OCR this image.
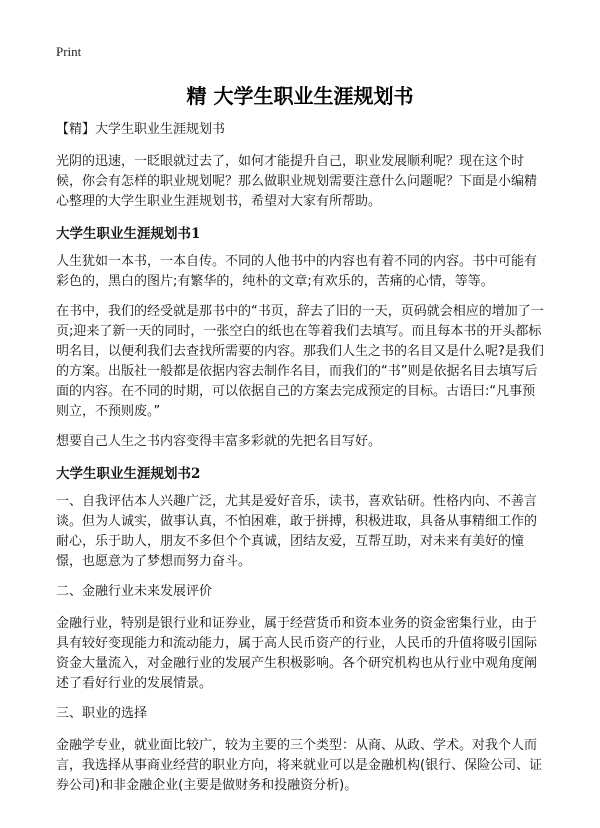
Print
精 大学生职业生涯规划书

【精】大学生职业生涯规划书

光阴的迅速，一眨眼就过去了，如何才能提升自己，职业发展顺利呢？现在这个时候，你会有怎样的职业规划呢？那么做职业规划需要注意什么问题呢？下面是小编精心整理的大学生职业生涯规划书，希望对大家有所帮助。

大学生职业生涯规划书1

人生犹如一本书，一本自传。不同的人他书中的内容也有着不同的内容。书中可能有彩色的，黑白的图片;有繁华的，纯朴的文章;有欢乐的，苦痛的心情，等等。

在书中，我们的经受就是那书中的“书页，辞去了旧的一天，页码就会相应的增加了一页;迎来了新一天的同时，一张空白的纸也在等着我们去填写。而且每本书的开头都标明名目，以便利我们去查找所需要的内容。那我们人生之书的名目又是什么呢?是我们的方案。出版社一般都是依据内容去制作名目，而我们的“书”则是依据名目去填写后面的内容。在不同的时期，可以依据自己的方案去完成预定的目标。古语曰:“凡事预则立，不预则废。”

想要自己人生之书内容变得丰富多彩就的先把名目写好。

大学生职业生涯规划书2

一、自我评估本人兴趣广泛，尤其是爱好音乐，读书，喜欢钻研。性格内向、不善言谈。但为人诚实，做事认真，不怕困难，敢于拼搏，积极进取，具备从事精细工作的耐心，乐于助人，朋友不多但个个真诚，团结友爱，互帮互助，对未来有美好的憧憬，也愿意为了梦想而努力奋斗。

二、金融行业未来发展评价

金融行业，特别是银行业和证券业，属于经营货币和资本业务的资金密集行业，由于具有较好变现能力和流动能力，属于高人民币资产的行业，人民币的升值将吸引国际资金大量流入，对金融行业的发展产生积极影响。各个研究机构也从行业中观角度阐述了看好行业的发展情景。

三、职业的选择

金融学专业，就业面比较广，较为主要的三个类型：从商、从政、学术。对我个人而言，我选择从事商业经营的职业方向，将来就业可以是金融机构(银行、保险公司、证券公司)和非金融企业(主要是做财务和投融资分析)。
